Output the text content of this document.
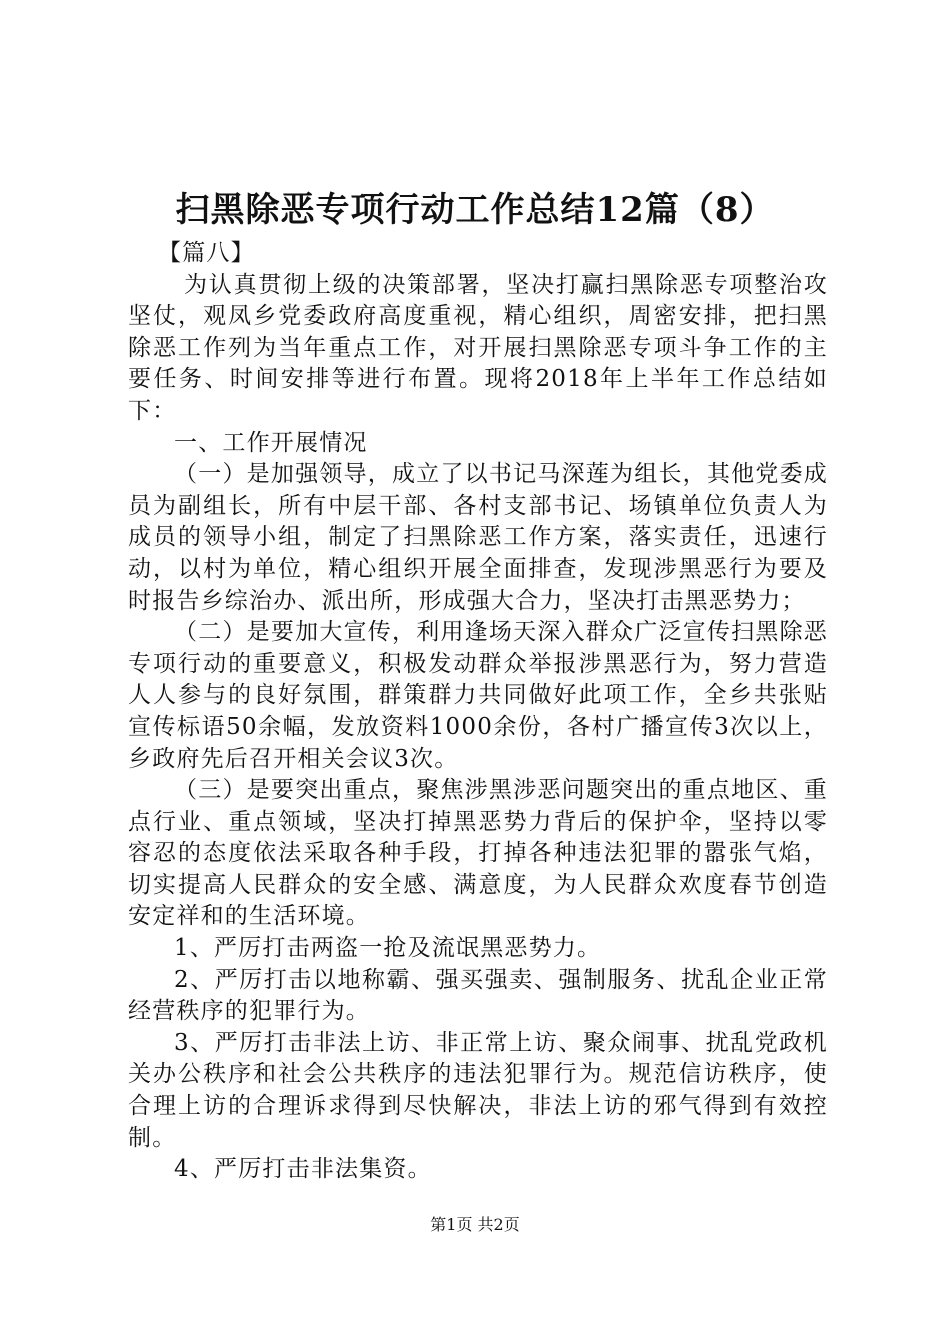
扫黑除恶专项行动工作总结12篇（8）

【篇八】

为认真贯彻上级的决策部署，坚决打赢扫黑除恶专项整治攻坚仗，观凤乡党委政府高度重视，精心组织，周密安排，把扫黑除恶工作列为当年重点工作，对开展扫黑除恶专项斗争工作的主要任务、时间安排等进行布置。现将2018年上半年工作总结如下：

一、工作开展情况

（一）是加强领导，成立了以书记马深莲为组长，其他党委成员为副组长，所有中层干部、各村支部书记、场镇单位负责人为成员的领导小组，制定了扫黑除恶工作方案，落实责任，迅速行动，以村为单位，精心组织开展全面排查，发现涉黑恶行为要及时报告乡综治办、派出所，形成强大合力，坚决打击黑恶势力；

（二）是要加大宣传，利用逢场天深入群众广泛宣传扫黑除恶专项行动的重要意义，积极发动群众举报涉黑恶行为，努力营造人人参与的良好氛围，群策群力共同做好此项工作，全乡共张贴宣传标语50余幅，发放资料1000余份，各村广播宣传3次以上，乡政府先后召开相关会议3次。

（三）是要突出重点，聚焦涉黑涉恶问题突出的重点地区、重点行业、重点领域，坚决打掉黑恶势力背后的保护伞，坚持以零容忍的态度依法采取各种手段，打掉各种违法犯罪的嚣张气焰，切实提高人民群众的安全感、满意度，为人民群众欢度春节创造安定祥和的生活环境。

1、严厉打击两盗一抢及流氓黑恶势力。

2、严厉打击以地称霸、强买强卖、强制服务、扰乱企业正常经营秩序的犯罪行为。

3、严厉打击非法上访、非正常上访、聚众闹事、扰乱党政机关办公秩序和社会公共秩序的违法犯罪行为。规范信访秩序，使合理上访的合理诉求得到尽快解决，非法上访的邪气得到有效控制。

4、严厉打击非法集资。

第1页 共2页
